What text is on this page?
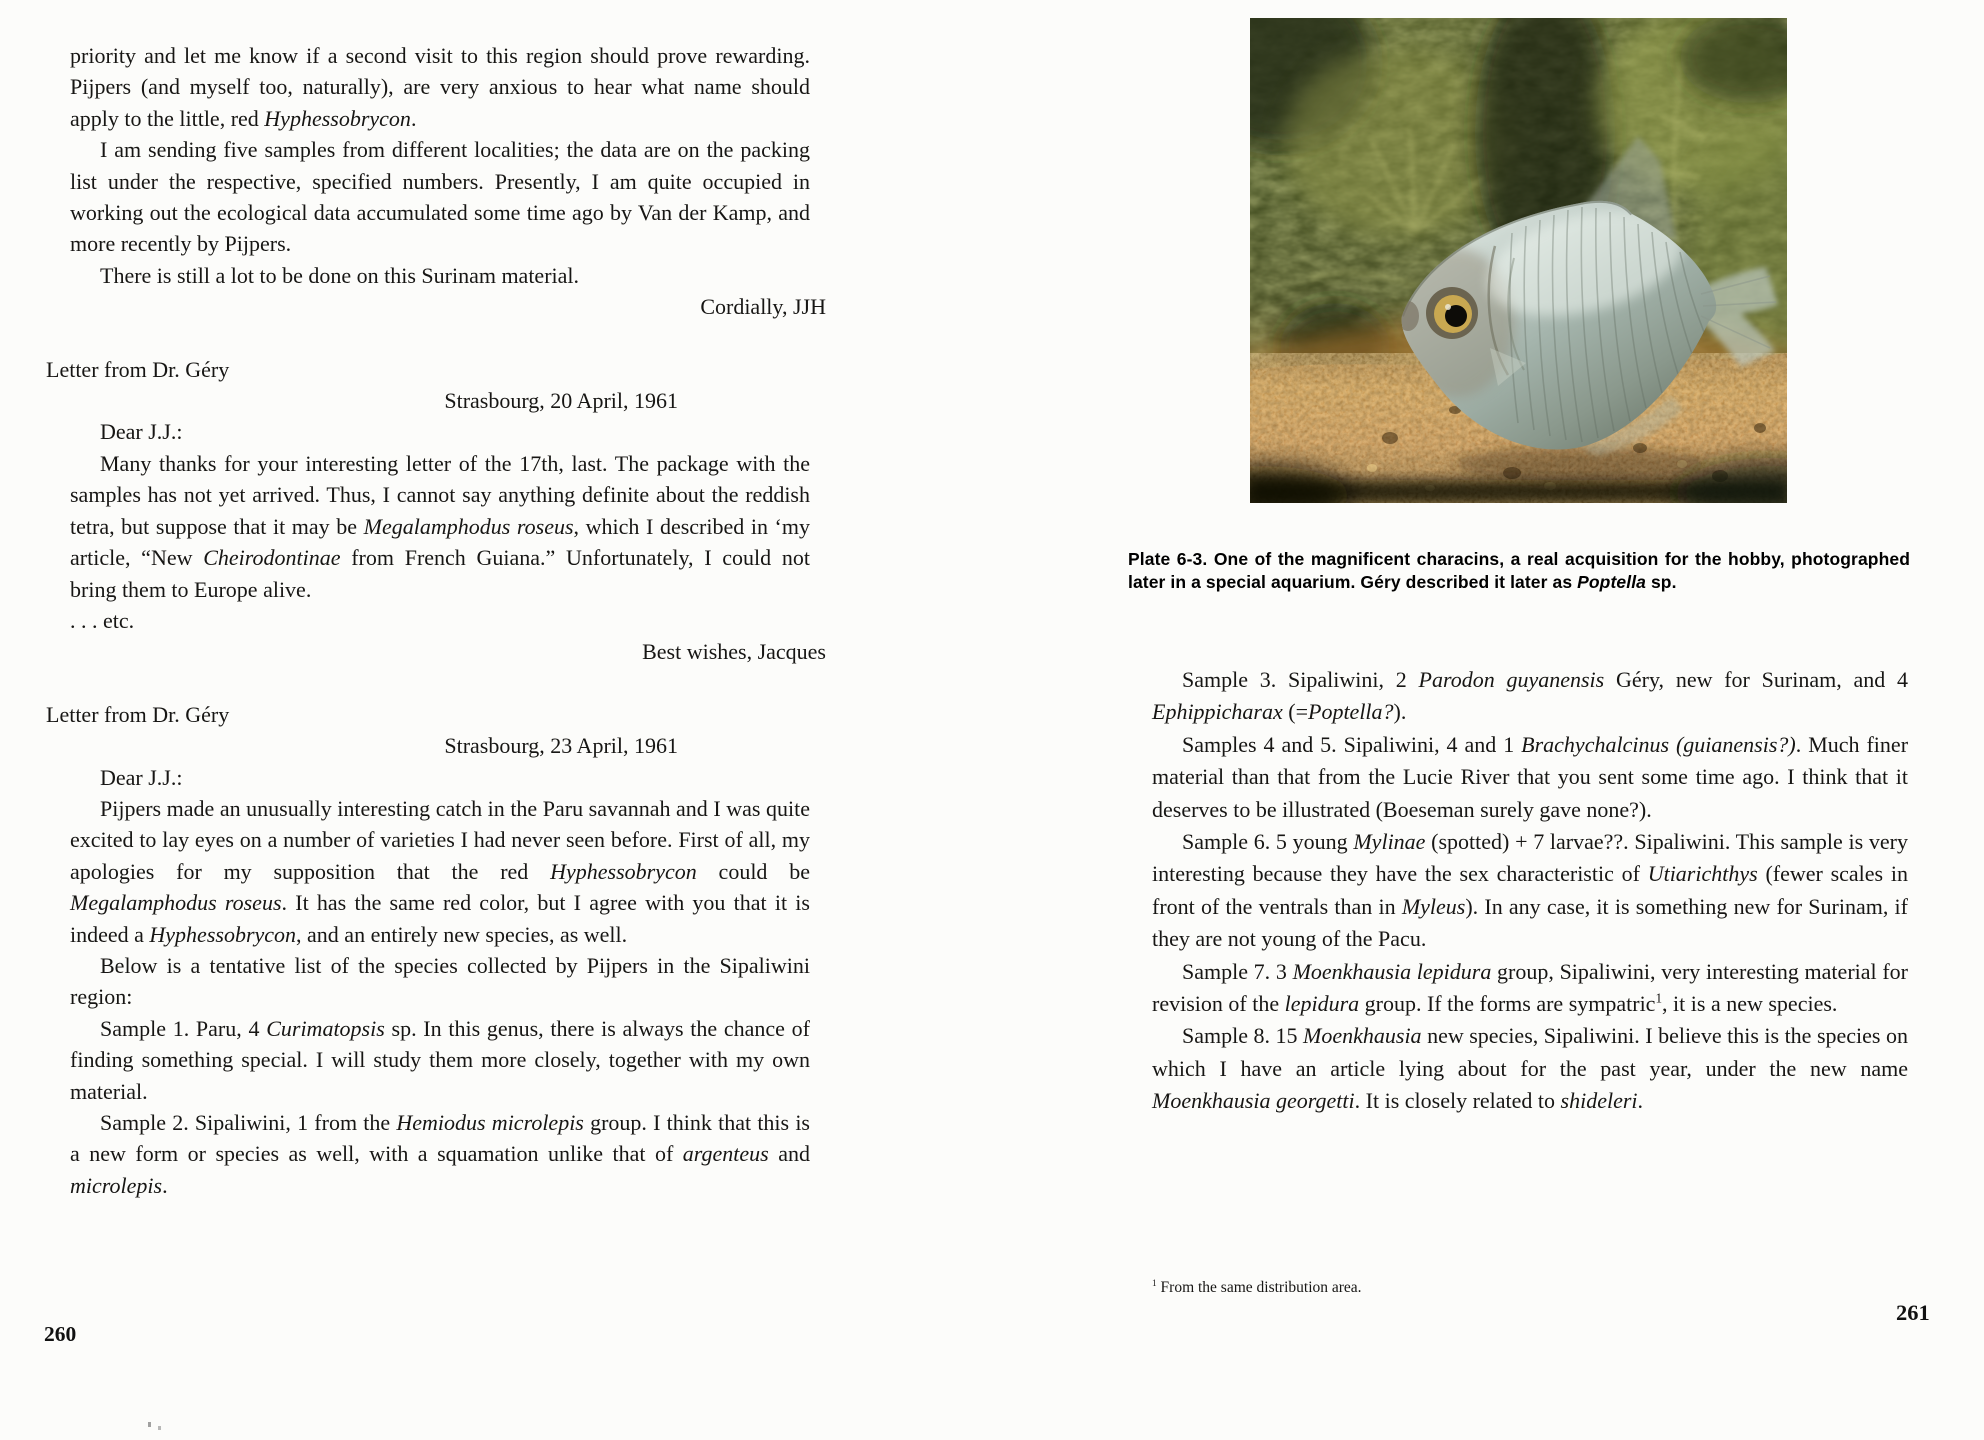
priority and let me know if a second visit to this region should prove rewarding. Pijpers (and myself too, naturally), are very anxious to hear what name should apply to the little, red Hyphessobrycon.

I am sending five samples from different localities; the data are on the packing list under the respective, specified numbers. Presently, I am quite occupied in working out the ecological data accumulated some time ago by Van der Kamp, and more recently by Pijpers.

There is still a lot to be done on this Surinam material.

Cordially, JJH

Letter from Dr. Géry

Strasbourg, 20 April, 1961

Dear J.J.:

Many thanks for your interesting letter of the 17th, last. The package with the samples has not yet arrived. Thus, I cannot say anything definite about the reddish tetra, but suppose that it may be Megalamphodus roseus, which I described in ‘my article, “New Cheirodontinae from French Guiana.” Unfortunately, I could not bring them to Europe alive.

. . . etc.

Best wishes, Jacques

Letter from Dr. Géry

Strasbourg, 23 April, 1961

Dear J.J.:

Pijpers made an unusually interesting catch in the Paru savannah and I was quite excited to lay eyes on a number of varieties I had never seen before. First of all, my apologies for my supposition that the red Hyphessobrycon could be Megalamphodus roseus. It has the same red color, but I agree with you that it is indeed a Hyphessobrycon, and an entirely new species, as well.

Below is a tentative list of the species collected by Pijpers in the Sipaliwini region:

Sample 1. Paru, 4 Curimatopsis sp. In this genus, there is always the chance of finding something special. I will study them more closely, together with my own material.

Sample 2. Sipaliwini, 1 from the Hemiodus microlepis group. I think that this is a new form or species as well, with a squamation unlike that of argenteus and microlepis.

260

Plate 6-3. One of the magnificent characins, a real acquisition for the hobby, photographed later in a special aquarium. Géry described it later as Poptella sp.

Sample 3. Sipaliwini, 2 Parodon guyanensis Géry, new for Surinam, and 4 Ephippicharax (=Poptella?).

Samples 4 and 5. Sipaliwini, 4 and 1 Brachychalcinus (guianensis?). Much finer material than that from the Lucie River that you sent some time ago. I think that it deserves to be illustrated (Boeseman surely gave none?).

Sample 6. 5 young Mylinae (spotted) + 7 larvae??. Sipaliwini. This sample is very interesting because they have the sex characteristic of Utiarichthys (fewer scales in front of the ventrals than in Myleus). In any case, it is something new for Surinam, if they are not young of the Pacu.

Sample 7. 3 Moenkhausia lepidura group, Sipaliwini, very interesting material for revision of the lepidura group. If the forms are sympatric$^1$, it is a new species.

Sample 8. 15 Moenkhausia new species, Sipaliwini. I believe this is the species on which I have an article lying about for the past year, under the new name Moenkhausia georgetti. It is closely related to shideleri.

$^1$ From the same distribution area.

261
